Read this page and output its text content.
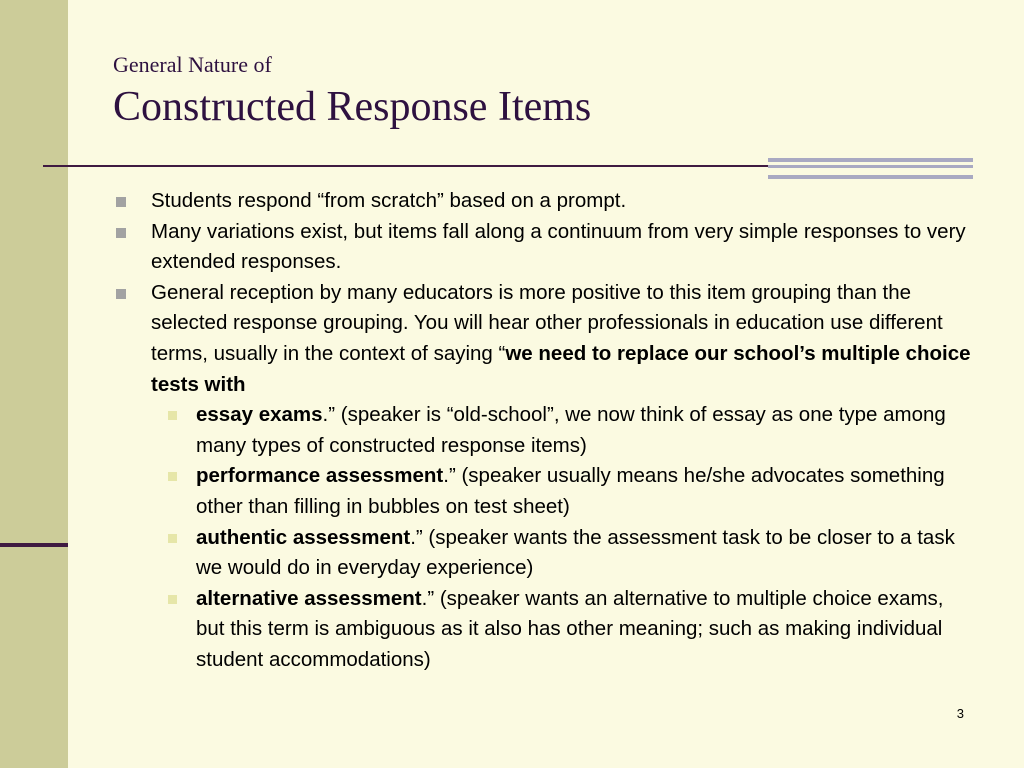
General Nature of
Constructed Response Items
Students respond “from scratch” based on a prompt.
Many variations exist, but items fall along a continuum from very simple responses to very extended responses.
General reception by many educators is more positive to this item grouping than the selected response grouping. You will hear other professionals in education use different terms, usually in the context of saying “we need to replace our school’s multiple choice tests with
essay exams.” (speaker is “old-school”, we now think of essay as one type among many types of constructed response items)
performance assessment.” (speaker usually means he/she advocates something other than filling in bubbles on test sheet)
authentic assessment.” (speaker wants the assessment task to be closer to a task we would do in everyday experience)
alternative assessment.” (speaker wants an alternative to multiple choice exams, but this term is ambiguous as it also has other meaning; such as making individual student accommodations)
3
